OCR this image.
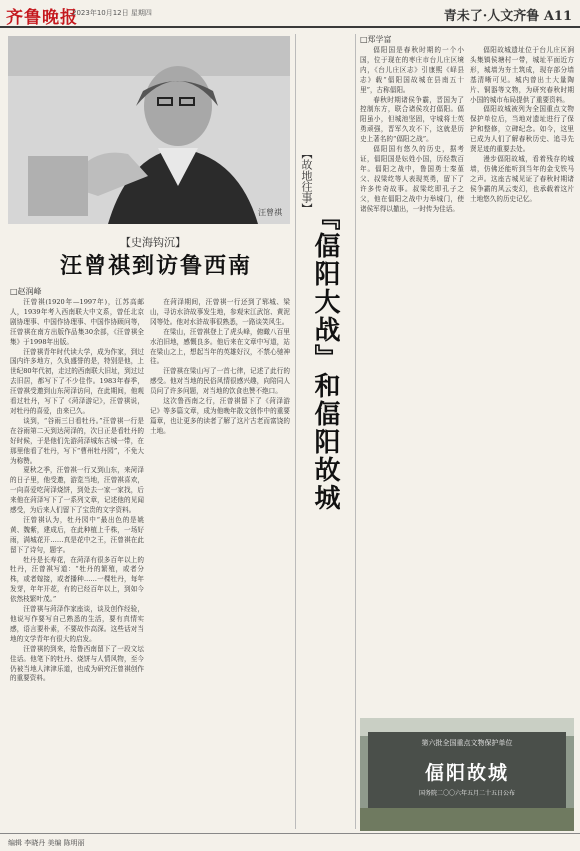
齐鲁晚报
2023年10月12日 星期四	青未了·人文齐鲁 A11
汪曾祺
【史海钩沉】
汪曾祺到访鲁西南
□赵润峰

汪曾祺(1920年—1997年)，江苏高邮人，1939年考入西南联大中文系，曾任北京剧协理事、中国作协理事、中国作协顾问等，汪曾祺在南方出版作品集30余部，《汪曾祺全集》于1998年出版。

汪曾祺青年时代读大学，成为作家，到过国内许多地方，久负盛誉的是，特别是他，上世纪80年代初，走过的西南联大旧址，到过过去旧居，都写下了不少佳作。1983年春季，汪曾祺受邀到山东菏泽访问，在此期间，他观看过牡丹，写下了《菏泽游记》，汪曾祺说，对牡丹的喜爱，由来已久。

谈到，“谷雨三日看牡丹。”汪曾祺一行是在谷雨第二天到达菏泽的，次日正是看牡丹的好时候，于是他们先游菏泽城东古城一带，在那里他看了牡丹，写下“曹州牡丹园”，不免大为称赞。

夏秋之季，汪曾祺一行又到山东，来菏泽的日子里，他受邀，游览当地，汪曾祺喜欢，一向喜爱吃菏泽烧饼，到处去一家一家找，后来他在菏泽写下了一系列文章，记述他的见闻感受，为后来人们留下了宝贵的文字资料。

汪曾祺认为，牡丹园中“最出色的是姚黄、魏紫，建成后，在此种植上千株，一场好雨，满城花开……真是花中之王，汪曾祺在此留下了诗句，题字。

牡丹是长寿花，在菏泽有很多百年以上的牡丹，汪曾祺写道：“牡丹的繁殖，或者分株，或者嫁接，或者播种……一棵牡丹，每年发芽，年年开花，有的已经百年以上，到如今依然枝繁叶茂。”

汪曾祺与菏泽作家座谈，谈及创作经验，他说写作要写自己熟悉的生活，要有真情实感，语言要朴素，不要故作高深。这些话对当地的文学青年有很大的启发。

汪曾祺的到来，给鲁西南留下了一段文坛佳话。他笔下的牡丹、烧饼与人情风物，至今仍被当地人津津乐道，也成为研究汪曾祺创作的重要资料。

在菏泽期间，汪曾祺一行还到了郓城、梁山，寻访水浒故事发生地，参观宋江武馆、黄泥冈等处。他对水浒故事很熟悉，一路谈笑风生。

在梁山，汪曾祺登上了虎头峰，俯瞰八百里水泊旧地，感慨良多。他后来在文章中写道，站在梁山之上，想起当年的英雄好汉，不禁心驰神往。

汪曾祺在梁山写了一首七律，记述了此行的感受。他对当地的民俗风情很感兴趣，向陪同人员问了许多问题，对当地的饮食也赞不绝口。

这次鲁西南之行，汪曾祺留下了《菏泽游记》等多篇文章，成为他晚年散文创作中的重要篇章，也让更多的读者了解了这片古老而富饶的土地。

【故地往事】
『偪阳大战』和偪阳故城
□郑学富

偪阳国是春秋时期的一个小国，位于现在的枣庄市台儿庄区境内，《台儿庄区志》引康熙《峄县志》载“偪阳国故城在县南五十里”，古称偪阳。

春秋时期诸侯争霸，晋国为了控制东方，联合诸侯攻打偪阳。偪阳虽小，但城池坚固，守城将士英勇顽强，晋军久攻不下，这就是历史上著名的“偪阳之战”。

偪阳国有悠久的历史，据考证，偪阳国是妘姓小国，历经数百年。偪阳之战中，鲁国勇士秦堇父、叔梁纥等人表现英勇，留下了许多传奇故事。叔梁纥即孔子之父，他在偪阳之战中力举城门，使诸侯军得以撤出，一时传为佳话。

偪阳故城遗址位于台儿庄区涧头集镇侯塘村一带，城址平面近方形，城墙为夯土筑成，现存部分墙基清晰可见。城内曾出土大量陶片、铜器等文物，为研究春秋时期小国的城市布局提供了重要资料。

偪阳故城被列为全国重点文物保护单位后，当地对遗址进行了保护和整修，立碑纪念。如今，这里已成为人们了解春秋历史、追寻先贤足迹的重要去处。

漫步偪阳故城，看着残存的城墙，仿佛还能听到当年的金戈铁马之声。这座古城见证了春秋时期诸侯争霸的风云变幻，也承载着这片土地悠久的历史记忆。

第六批全国重点文物保护单位
偪阳故城
国务院二〇〇六年五月二十五日公布
编辑 李晓丹 美编 陈明丽
